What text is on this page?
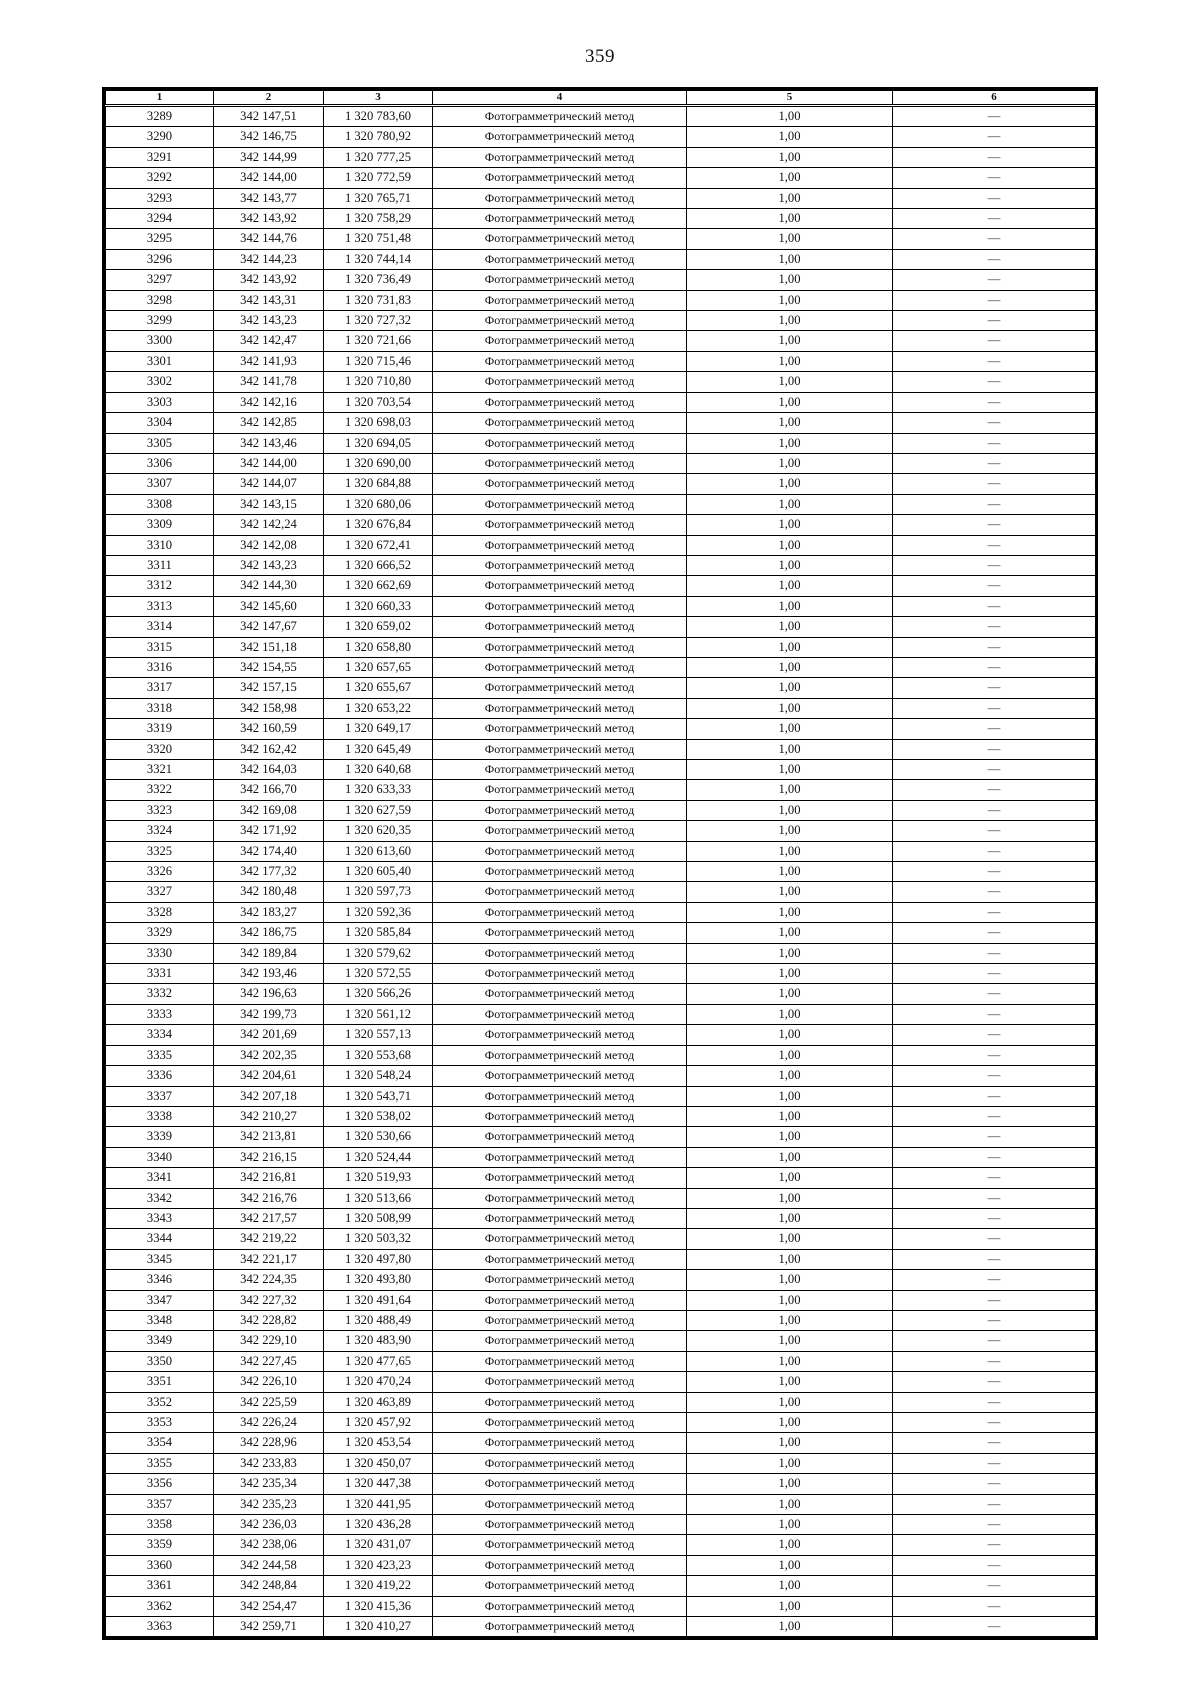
359
1	2	3	4	5	6
3289	342 147,51	1 320 783,60	Фотограмметрический метод	1,00	—
3290	342 146,75	1 320 780,92	Фотограмметрический метод	1,00	—
3291	342 144,99	1 320 777,25	Фотограмметрический метод	1,00	—
3292	342 144,00	1 320 772,59	Фотограмметрический метод	1,00	—
3293	342 143,77	1 320 765,71	Фотограмметрический метод	1,00	—
3294	342 143,92	1 320 758,29	Фотограмметрический метод	1,00	—
3295	342 144,76	1 320 751,48	Фотограмметрический метод	1,00	—
3296	342 144,23	1 320 744,14	Фотограмметрический метод	1,00	—
3297	342 143,92	1 320 736,49	Фотограмметрический метод	1,00	—
3298	342 143,31	1 320 731,83	Фотограмметрический метод	1,00	—
3299	342 143,23	1 320 727,32	Фотограмметрический метод	1,00	—
3300	342 142,47	1 320 721,66	Фотограмметрический метод	1,00	—
3301	342 141,93	1 320 715,46	Фотограмметрический метод	1,00	—
3302	342 141,78	1 320 710,80	Фотограмметрический метод	1,00	—
3303	342 142,16	1 320 703,54	Фотограмметрический метод	1,00	—
3304	342 142,85	1 320 698,03	Фотограмметрический метод	1,00	—
3305	342 143,46	1 320 694,05	Фотограмметрический метод	1,00	—
3306	342 144,00	1 320 690,00	Фотограмметрический метод	1,00	—
3307	342 144,07	1 320 684,88	Фотограмметрический метод	1,00	—
3308	342 143,15	1 320 680,06	Фотограмметрический метод	1,00	—
3309	342 142,24	1 320 676,84	Фотограмметрический метод	1,00	—
3310	342 142,08	1 320 672,41	Фотограмметрический метод	1,00	—
3311	342 143,23	1 320 666,52	Фотограмметрический метод	1,00	—
3312	342 144,30	1 320 662,69	Фотограмметрический метод	1,00	—
3313	342 145,60	1 320 660,33	Фотограмметрический метод	1,00	—
3314	342 147,67	1 320 659,02	Фотограмметрический метод	1,00	—
3315	342 151,18	1 320 658,80	Фотограмметрический метод	1,00	—
3316	342 154,55	1 320 657,65	Фотограмметрический метод	1,00	—
3317	342 157,15	1 320 655,67	Фотограмметрический метод	1,00	—
3318	342 158,98	1 320 653,22	Фотограмметрический метод	1,00	—
3319	342 160,59	1 320 649,17	Фотограмметрический метод	1,00	—
3320	342 162,42	1 320 645,49	Фотограмметрический метод	1,00	—
3321	342 164,03	1 320 640,68	Фотограмметрический метод	1,00	—
3322	342 166,70	1 320 633,33	Фотограмметрический метод	1,00	—
3323	342 169,08	1 320 627,59	Фотограмметрический метод	1,00	—
3324	342 171,92	1 320 620,35	Фотограмметрический метод	1,00	—
3325	342 174,40	1 320 613,60	Фотограмметрический метод	1,00	—
3326	342 177,32	1 320 605,40	Фотограмметрический метод	1,00	—
3327	342 180,48	1 320 597,73	Фотограмметрический метод	1,00	—
3328	342 183,27	1 320 592,36	Фотограмметрический метод	1,00	—
3329	342 186,75	1 320 585,84	Фотограмметрический метод	1,00	—
3330	342 189,84	1 320 579,62	Фотограмметрический метод	1,00	—
3331	342 193,46	1 320 572,55	Фотограмметрический метод	1,00	—
3332	342 196,63	1 320 566,26	Фотограмметрический метод	1,00	—
3333	342 199,73	1 320 561,12	Фотограмметрический метод	1,00	—
3334	342 201,69	1 320 557,13	Фотограмметрический метод	1,00	—
3335	342 202,35	1 320 553,68	Фотограмметрический метод	1,00	—
3336	342 204,61	1 320 548,24	Фотограмметрический метод	1,00	—
3337	342 207,18	1 320 543,71	Фотограмметрический метод	1,00	—
3338	342 210,27	1 320 538,02	Фотограмметрический метод	1,00	—
3339	342 213,81	1 320 530,66	Фотограмметрический метод	1,00	—
3340	342 216,15	1 320 524,44	Фотограмметрический метод	1,00	—
3341	342 216,81	1 320 519,93	Фотограмметрический метод	1,00	—
3342	342 216,76	1 320 513,66	Фотограмметрический метод	1,00	—
3343	342 217,57	1 320 508,99	Фотограмметрический метод	1,00	—
3344	342 219,22	1 320 503,32	Фотограмметрический метод	1,00	—
3345	342 221,17	1 320 497,80	Фотограмметрический метод	1,00	—
3346	342 224,35	1 320 493,80	Фотограмметрический метод	1,00	—
3347	342 227,32	1 320 491,64	Фотограмметрический метод	1,00	—
3348	342 228,82	1 320 488,49	Фотограмметрический метод	1,00	—
3349	342 229,10	1 320 483,90	Фотограмметрический метод	1,00	—
3350	342 227,45	1 320 477,65	Фотограмметрический метод	1,00	—
3351	342 226,10	1 320 470,24	Фотограмметрический метод	1,00	—
3352	342 225,59	1 320 463,89	Фотограмметрический метод	1,00	—
3353	342 226,24	1 320 457,92	Фотограмметрический метод	1,00	—
3354	342 228,96	1 320 453,54	Фотограмметрический метод	1,00	—
3355	342 233,83	1 320 450,07	Фотограмметрический метод	1,00	—
3356	342 235,34	1 320 447,38	Фотограмметрический метод	1,00	—
3357	342 235,23	1 320 441,95	Фотограмметрический метод	1,00	—
3358	342 236,03	1 320 436,28	Фотограмметрический метод	1,00	—
3359	342 238,06	1 320 431,07	Фотограмметрический метод	1,00	—
3360	342 244,58	1 320 423,23	Фотограмметрический метод	1,00	—
3361	342 248,84	1 320 419,22	Фотограмметрический метод	1,00	—
3362	342 254,47	1 320 415,36	Фотограмметрический метод	1,00	—
3363	342 259,71	1 320 410,27	Фотограмметрический метод	1,00	—
